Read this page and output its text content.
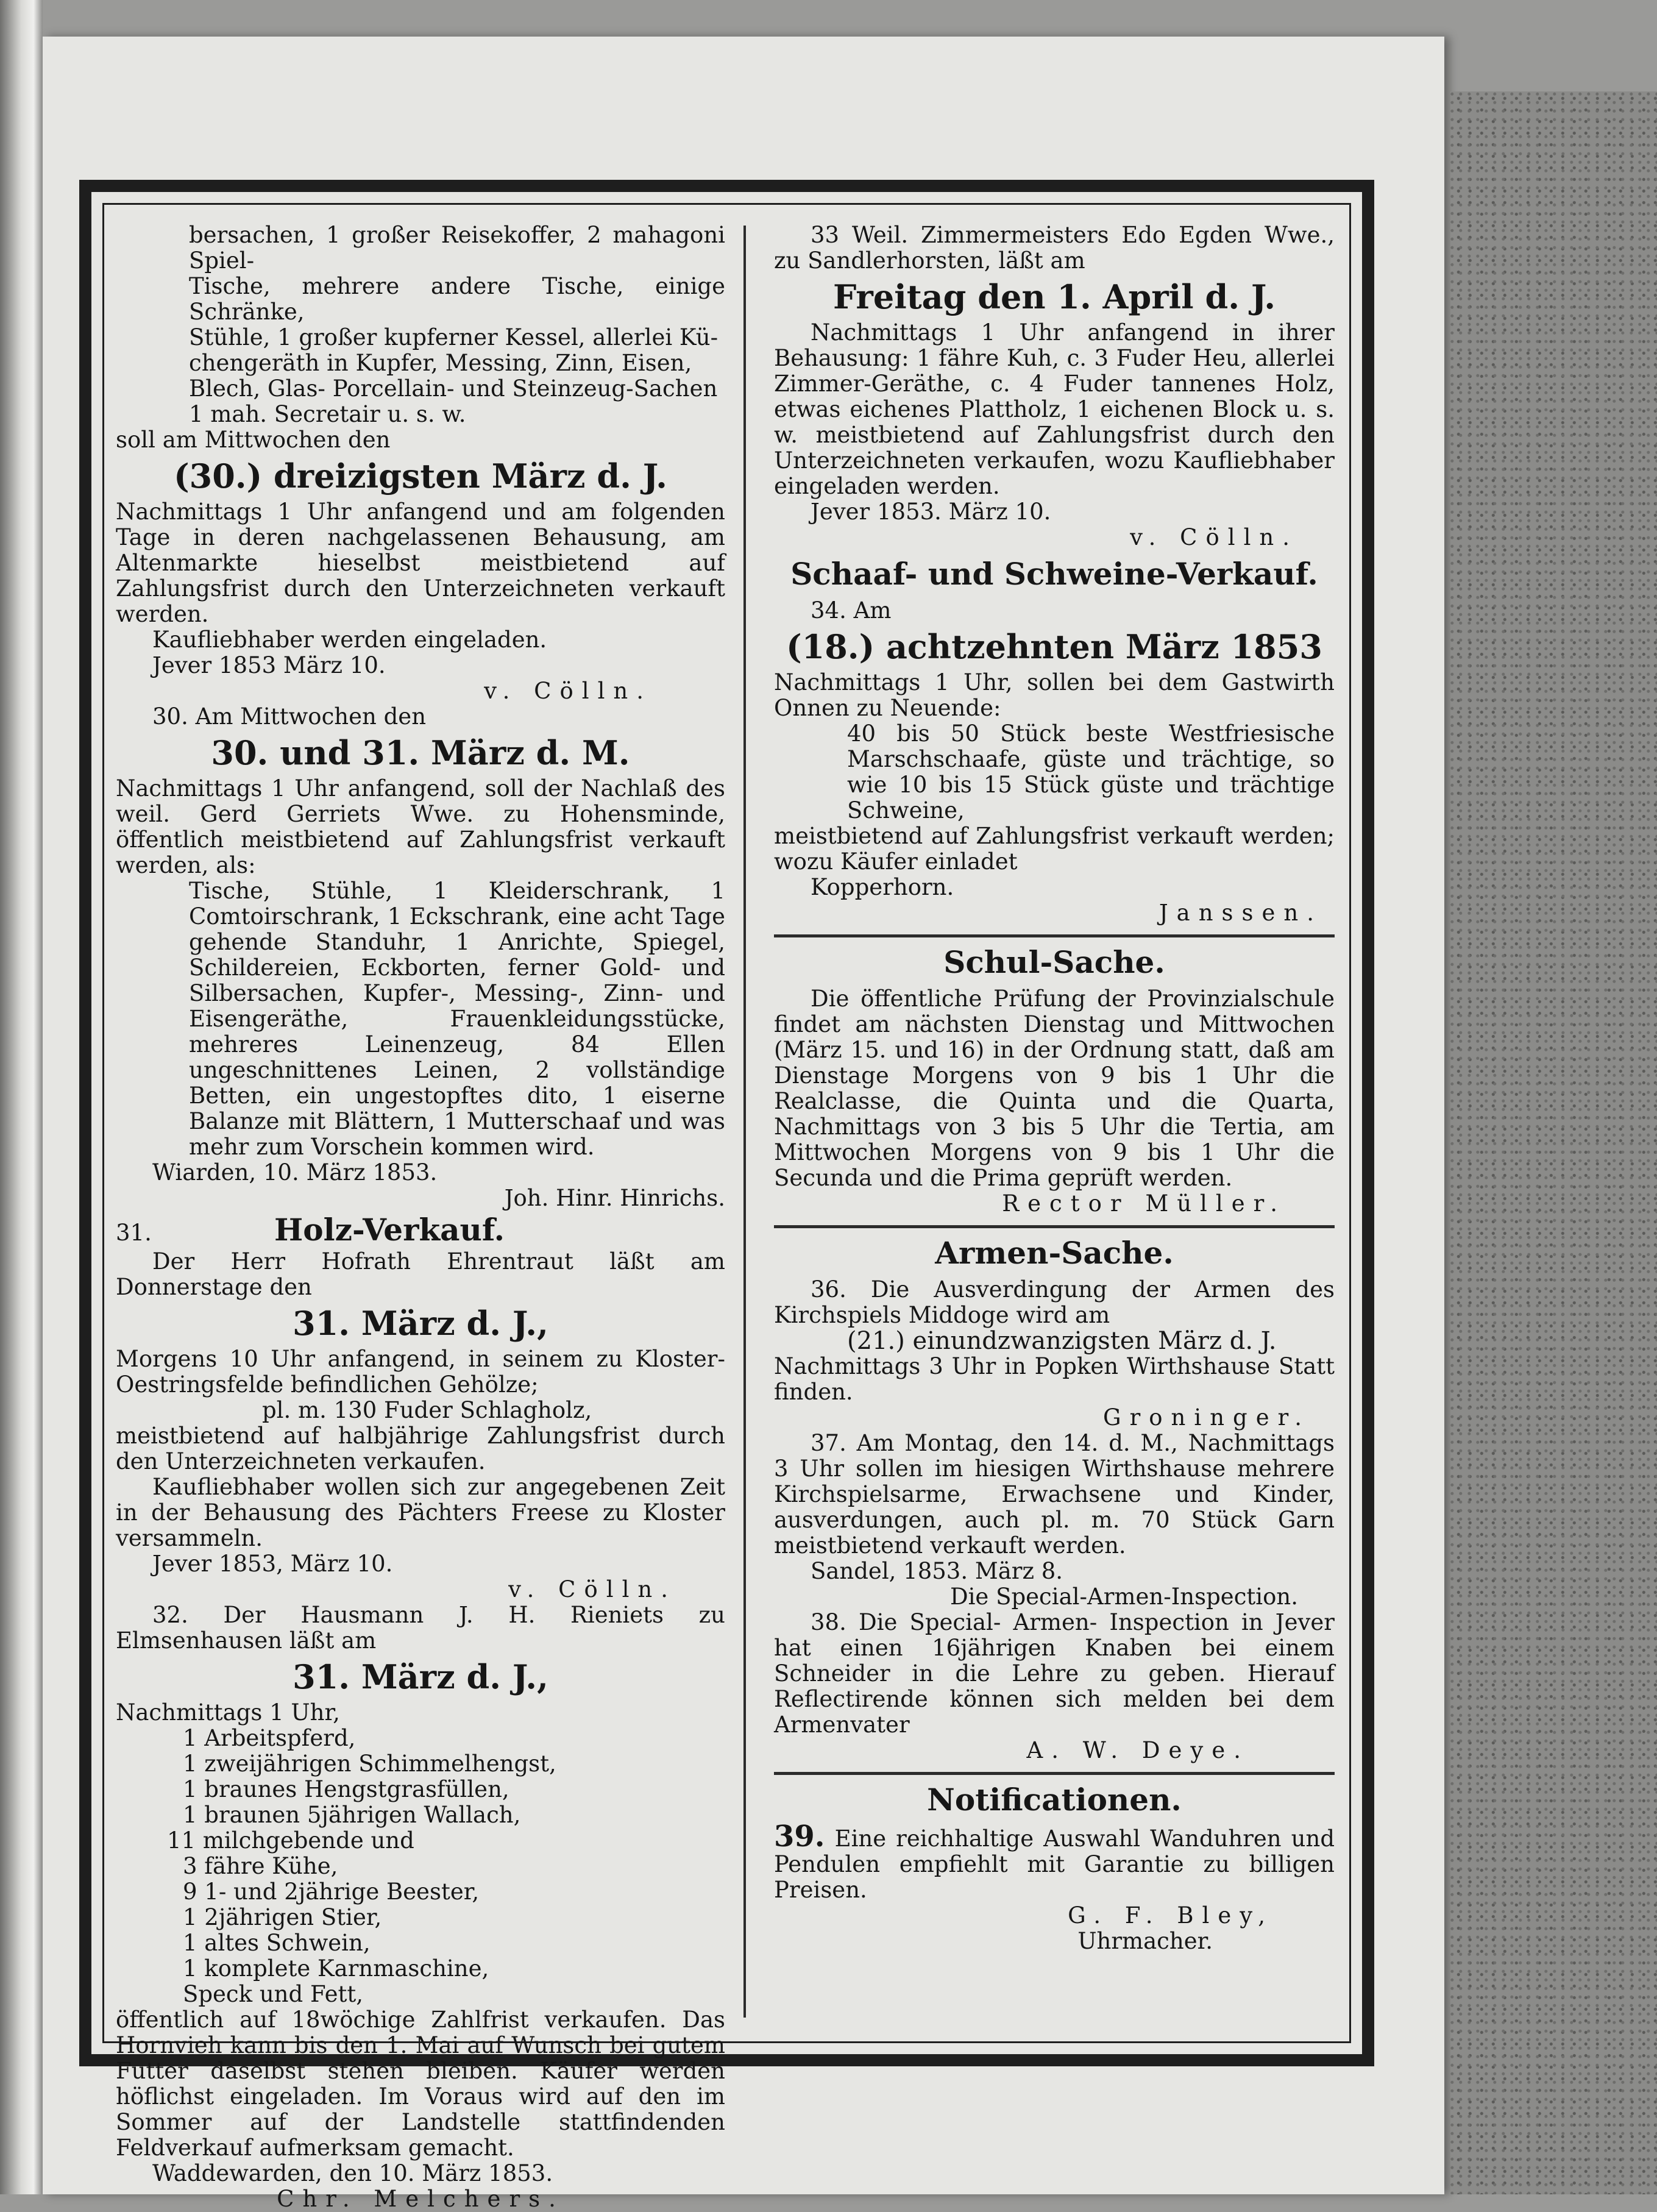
bersachen, 1 großer Reisekoffer, 2 mahagoni Spiel-

Tische, mehrere andere Tische, einige Schränke,

Stühle, 1 großer kupferner Kessel, allerlei Kü-

chengeräth in Kupfer, Messing, Zinn, Eisen,

Blech, Glas- Porcellain- und Steinzeug-Sachen

1 mah. Secretair u. s. w.

soll am Mittwochen den

(30.) dreizigsten März d. J.

Nachmittags 1 Uhr anfangend und am folgenden Tage in deren nachgelassenen Behausung, am Altenmarkte hieselbst meistbietend auf Zahlungsfrist durch den Unterzeichneten verkauft werden.

Kaufliebhaber werden eingeladen.

Jever 1853 März 10.

v. Cölln.

30. Am Mittwochen den

30. und 31. März d. M.

Nachmittags 1 Uhr anfangend, soll der Nachlaß des weil. Gerd Gerriets Wwe. zu Hohensminde, öffentlich meistbietend auf Zahlungsfrist verkauft werden, als:

Tische, Stühle, 1 Kleiderschrank, 1 Comtoirschrank, 1 Eckschrank, eine acht Tage gehende Standuhr, 1 Anrichte, Spiegel, Schildereien, Eckborten, ferner Gold- und Silbersachen, Kupfer-, Messing-, Zinn- und Eisengeräthe, Frauenkleidungsstücke, mehreres Leinenzeug, 84 Ellen ungeschnittenes Leinen, 2 vollständige Betten, ein ungestopftes dito, 1 eiserne Balanze mit Blättern, 1 Mutterschaaf und was mehr zum Vorschein kommen wird.

Wiarden, 10. März 1853.

Joh. Hinr. Hinrichs.

31.	Holz-Verkauf.

Der Herr Hofrath Ehrentraut läßt am Donnerstage den

31. März d. J.,

Morgens 10 Uhr anfangend, in seinem zu Kloster-Oestringsfelde befindlichen Gehölze;

pl. m. 130 Fuder Schlagholz,

meistbietend auf halbjährige Zahlungsfrist durch den Unterzeichneten verkaufen.

Kaufliebhaber wollen sich zur angegebenen Zeit in der Behausung des Pächters Freese zu Kloster versammeln.

Jever 1853, März 10.

v. Cölln.

32. Der Hausmann J. H. Rieniets zu Elmsenhausen läßt am

31. März d. J.,

Nachmittags 1 Uhr,

1 Arbeitspferd,

1 zweijährigen Schimmelhengst,

1 braunes Hengstgrasfüllen,

1 braunen 5jährigen Wallach,

11 milchgebende und

3 fähre Kühe,

9 1- und 2jährige Beester,

1 2jährigen Stier,

1 altes Schwein,

1 komplete Karnmaschine,

Speck und Fett,

öffentlich auf 18wöchige Zahlfrist verkaufen. Das Hornvieh kann bis den 1. Mai auf Wunsch bei gutem Futter daselbst stehen bleiben. Käufer werden höflichst eingeladen. Im Voraus wird auf den im Sommer auf der Landstelle stattfindenden Feldverkauf aufmerksam gemacht.

Waddewarden, den 10. März 1853.

Chr. Melchers.

33 Weil. Zimmermeisters Edo Egden Wwe., zu Sandlerhorsten, läßt am

Freitag den 1. April d. J.

Nachmittags 1 Uhr anfangend in ihrer Behausung: 1 fähre Kuh, c. 3 Fuder Heu, allerlei Zimmer-Geräthe, c. 4 Fuder tannenes Holz, etwas eichenes Plattholz, 1 eichenen Block u. s. w. meistbietend auf Zahlungsfrist durch den Unterzeichneten verkaufen, wozu Kaufliebhaber eingeladen werden.

Jever 1853. März 10.

v. Cölln.

Schaaf- und Schweine-Verkauf.

34. Am

(18.) achtzehnten März 1853

Nachmittags 1 Uhr, sollen bei dem Gastwirth Onnen zu Neuende:

40 bis 50 Stück beste Westfriesische Marschschaafe, güste und trächtige, so wie 10 bis 15 Stück güste und trächtige Schweine,

meistbietend auf Zahlungsfrist verkauft werden; wozu Käufer einladet

Kopperhorn.

Janssen.

Schul-Sache.

Die öffentliche Prüfung der Provinzialschule findet am nächsten Dienstag und Mittwochen (März 15. und 16) in der Ordnung statt, daß am Dienstage Morgens von 9 bis 1 Uhr die Realclasse, die Quinta und die Quarta, Nachmittags von 3 bis 5 Uhr die Tertia, am Mittwochen Morgens von 9 bis 1 Uhr die Secunda und die Prima geprüft werden.

Rector Müller.

Armen-Sache.

36. Die Ausverdingung der Armen des Kirchspiels Middoge wird am

(21.) einundzwanzigsten März d. J.

Nachmittags 3 Uhr in Popken Wirthshause Statt finden.

Groninger.

37. Am Montag, den 14. d. M., Nachmittags 3 Uhr sollen im hiesigen Wirthshause mehrere Kirchspielsarme, Erwachsene und Kinder, ausverdungen, auch pl. m. 70 Stück Garn meistbietend verkauft werden.

Sandel, 1853. März 8.

Die Special-Armen-Inspection.

38. Die Special- Armen- Inspection in Jever hat einen 16jährigen Knaben bei einem Schneider in die Lehre zu geben. Hierauf Reflectirende können sich melden bei dem Armenvater

A. W. Deye.

Notificationen.

39. Eine reichhaltige Auswahl Wanduhren und Pendulen empfiehlt mit Garantie zu billigen Preisen.

G. F. Bley,

Uhrmacher.
